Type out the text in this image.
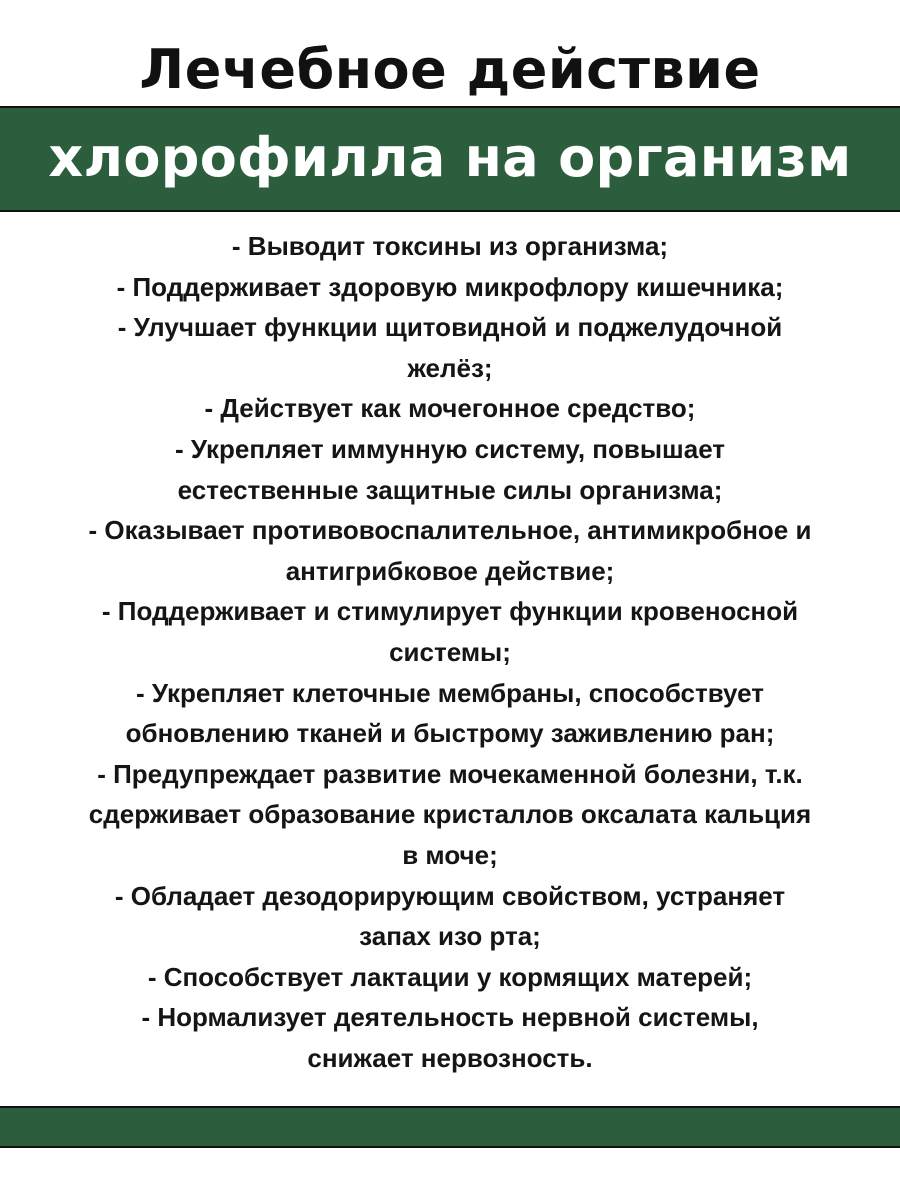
Лечебное действие
хлорофилла на организм
- Выводит токсины из организма;
- Поддерживает здоровую микрофлору кишечника;
- Улучшает функции щитовидной и поджелудочной
желёз;
- Действует как мочегонное средство;
- Укрепляет иммунную систему, повышает
естественные защитные силы организма;
- Оказывает противовоспалительное, антимикробное и
антигрибковое действие;
- Поддерживает и стимулирует функции кровеносной
системы;
- Укрепляет клеточные мембраны, способствует
обновлению тканей и быстрому заживлению ран;
- Предупреждает развитие мочекаменной болезни, т.к.
сдерживает образование кристаллов оксалата кальция
в моче;
- Обладает дезодорирующим свойством, устраняет
запах изо рта;
- Способствует лактации у кормящих матерей;
- Нормализует деятельность нервной системы,
снижает нервозность.
